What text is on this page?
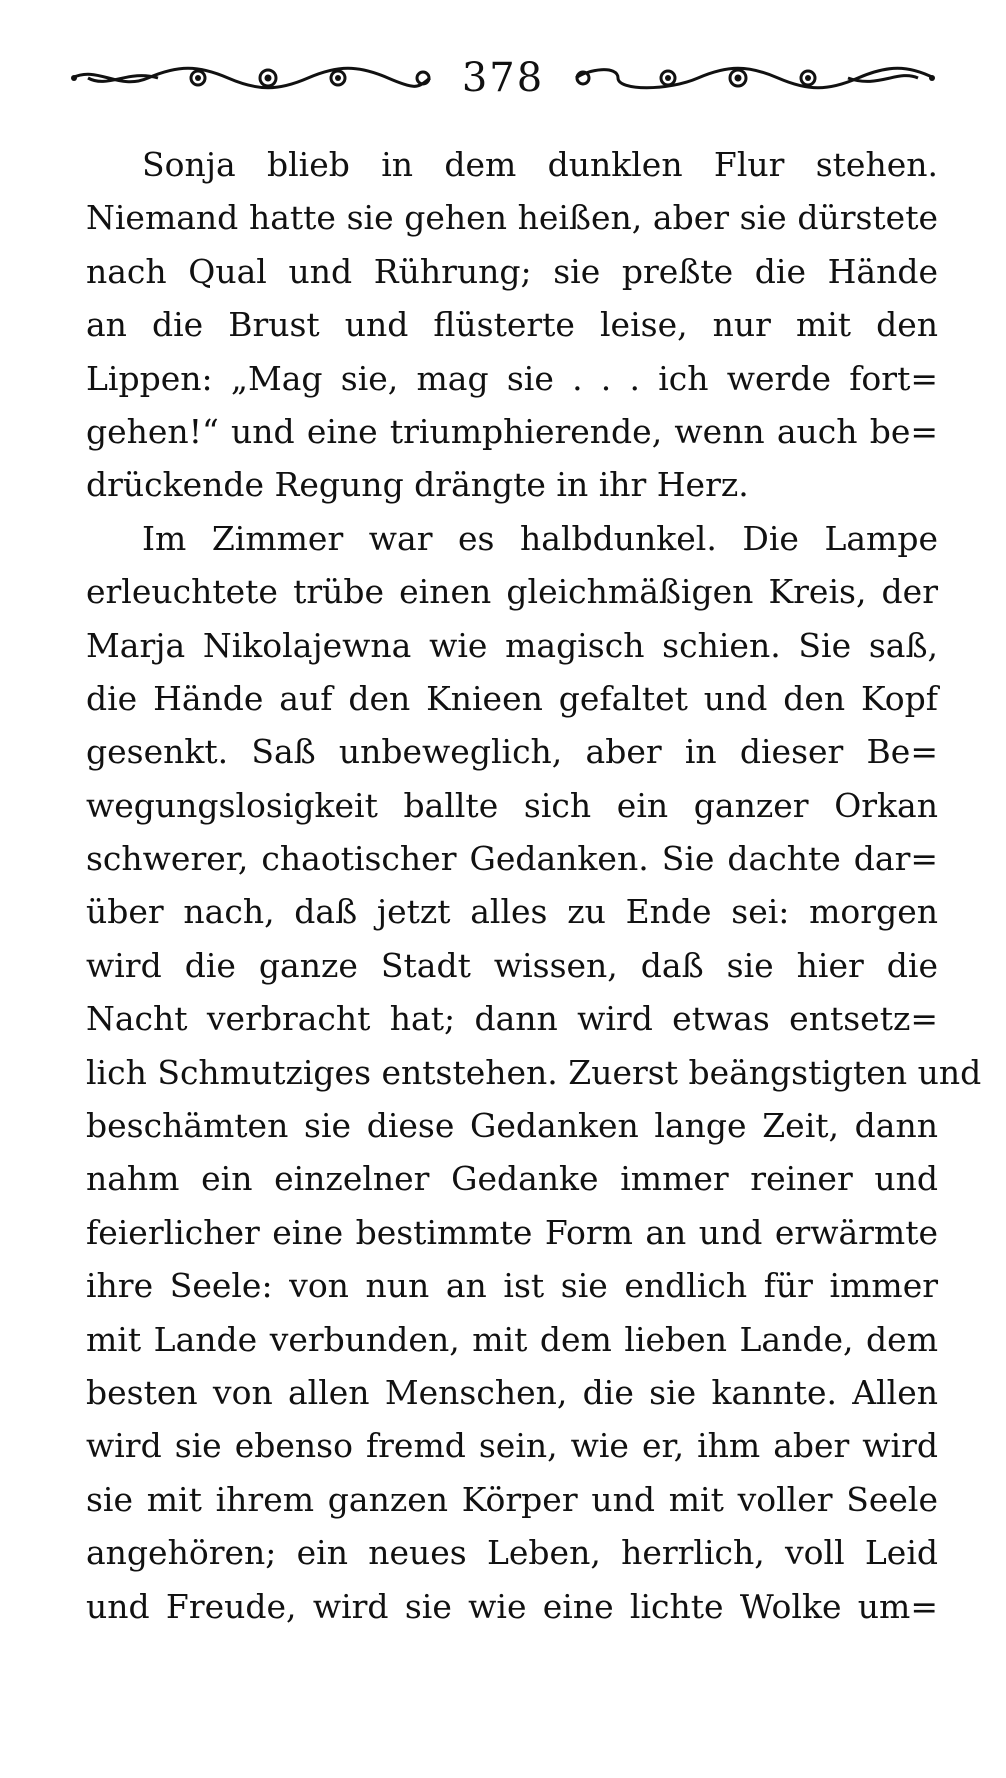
378
Sonja blieb in dem dunklen Flur stehen.
Niemand hatte sie gehen heißen, aber sie dürstete
nach Qual und Rührung; sie preßte die Hände
an die Brust und flüsterte leise, nur mit den
Lippen: „Mag sie, mag sie . . . ich werde fort=
gehen!“ und eine triumphierende, wenn auch be=
drückende Regung drängte in ihr Herz.
Im Zimmer war es halbdunkel. Die Lampe
erleuchtete trübe einen gleichmäßigen Kreis, der
Marja Nikolajewna wie magisch schien. Sie saß,
die Hände auf den Knieen gefaltet und den Kopf
gesenkt. Saß unbeweglich, aber in dieser Be=
wegungslosigkeit ballte sich ein ganzer Orkan
schwerer, chaotischer Gedanken. Sie dachte dar=
über nach, daß jetzt alles zu Ende sei: morgen
wird die ganze Stadt wissen, daß sie hier die
Nacht verbracht hat; dann wird etwas entsetz=
lich Schmutziges entstehen. Zuerst beängstigten und
beschämten sie diese Gedanken lange Zeit, dann
nahm ein einzelner Gedanke immer reiner und
feierlicher eine bestimmte Form an und erwärmte
ihre Seele: von nun an ist sie endlich für immer
mit Lande verbunden, mit dem lieben Lande, dem
besten von allen Menschen, die sie kannte. Allen
wird sie ebenso fremd sein, wie er, ihm aber wird
sie mit ihrem ganzen Körper und mit voller Seele
angehören; ein neues Leben, herrlich, voll Leid
und Freude, wird sie wie eine lichte Wolke um=
